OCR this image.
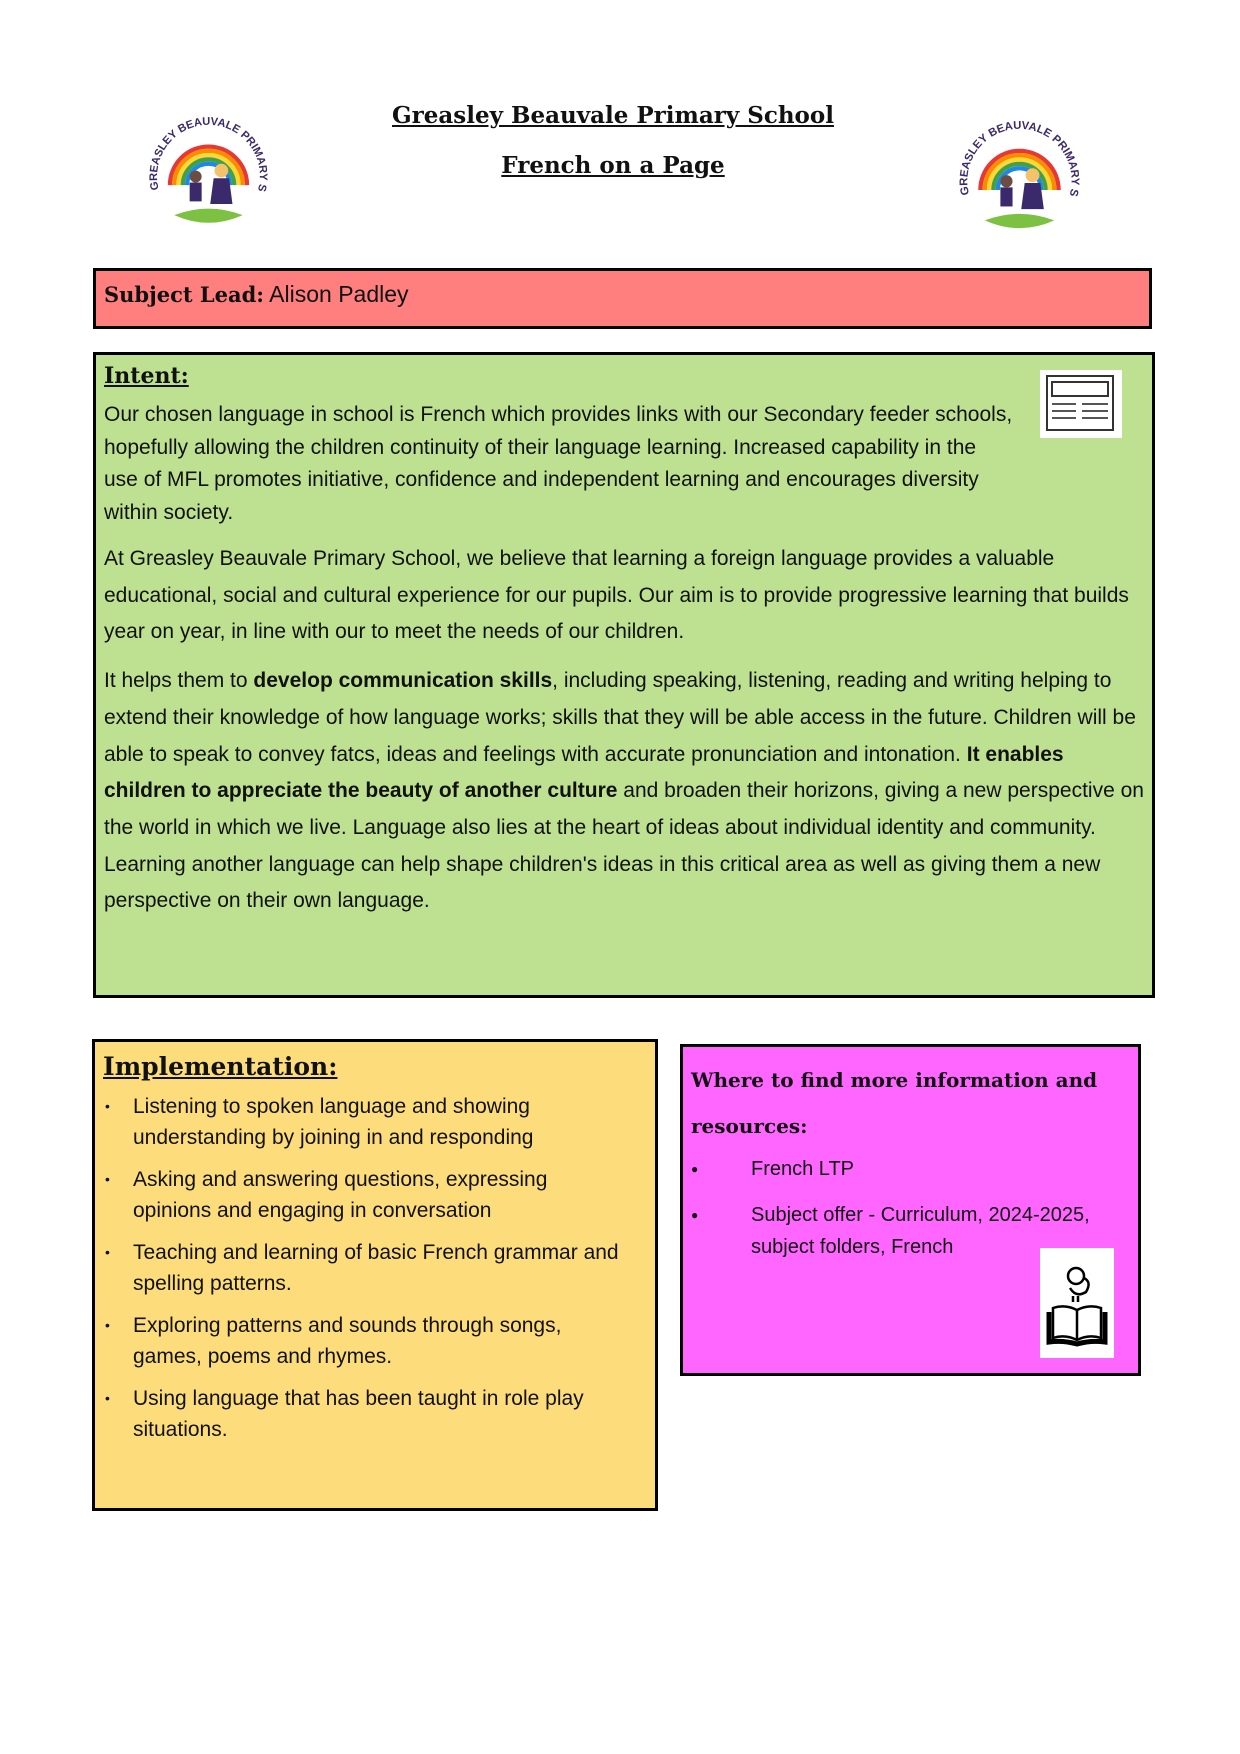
GREASLEY BEAUVALE PRIMARY S
Greasley Beauvale Primary School
French on a Page
GREASLEY BEAUVALE PRIMARY S
Subject Lead: Alison Padley
Intent:

Our chosen language in school is French which provides links with our Secondary feeder schools, hopefully allowing the children continuity of their language learning. Increased capability in the use of MFL promotes initiative, confidence and independent learning and encourages diversity within society.

At Greasley Beauvale Primary School, we believe that learning a foreign language provides a valuable educational, social and cultural experience for our pupils. Our aim is to provide progressive learning that builds year on year, in line with our to meet the needs of our children.

It helps them to develop communication skills, including speaking, listening, reading and writing helping to extend their knowledge of how language works; skills that they will be able access in the future. Children will be able to speak to convey fatcs, ideas and feelings with accurate pronunciation and intonation. It enables children to appreciate the beauty of another culture and broaden their horizons, giving a new perspective on the world in which we live. Language also lies at the heart of ideas about individual identity and community. Learning another language can help shape children's ideas in this critical area as well as giving them a new perspective on their own language.

Implementation:
• Listening to spoken language and showing understanding by joining in and responding
• Asking and answering questions, expressing opinions and engaging in conversation
• Teaching and learning of basic French grammar and spelling patterns.
• Exploring patterns and sounds through songs, games, poems and rhymes.
• Using language that has been taught in role play situations.
Where to find more information and
resources:
● French LTP
● Subject offer - Curriculum, 2024-2025, subject folders, French
